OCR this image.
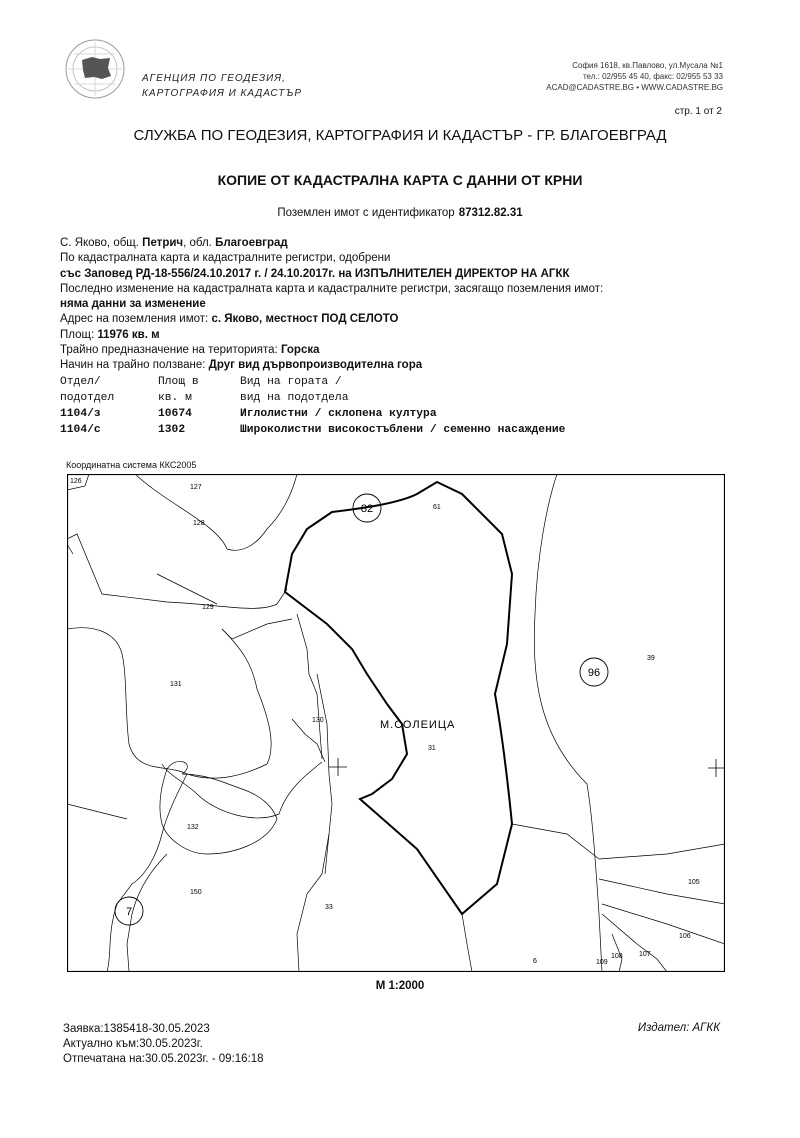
АГЕНЦИЯ ПО ГЕОДЕЗИЯ,
КАРТОГРАФИЯ И КАДАСТЪР
София 1618, кв.Павлово, ул.Мусала №1
тел.: 02/955 45 40, факс: 02/955 53 33
ACAD@CADASTRE.BG • WWW.CADASTRE.BG
стр. 1 от 2
СЛУЖБА ПО ГЕОДЕЗИЯ, КАРТОГРАФИЯ И КАДАСТЪР - ГР. БЛАГОЕВГРАД
КОПИЕ ОТ КАДАСТРАЛНА КАРТА С ДАННИ ОТ КРНИ
Поземлен имот с идентификатор 87312.82.31
С. Яково, общ. Петрич, обл. Благоевград
По кадастралната карта и кадастралните регистри, одобрени
със Заповед РД-18-556/24.10.2017 г. / 24.10.2017г. на ИЗПЪЛНИТЕЛЕН ДИРЕКТОР НА АГКК
Последно изменение на кадастралната карта и кадастралните регистри, засягащо поземления имот:
няма данни за изменение
Адрес на поземления имот: с. Яково, местност ПОД СЕЛОТО
Площ: 11976 кв. м
Трайно предназначение на територията: Горска
Начин на трайно ползване: Друг вид дървопроизводителна гора
Отдел/	Площ в	Вид на гората /
подотдел	кв. м	вид на подотдела
1104/з	10674	Иглолистни / склопена култура
1104/с	1302	Широколистни високостъблени / семенно насаждение
Координатна система ККС2005
82
96
7
М.СОЛЕИЦА
126
127
128
129
131
130
132
150
33
31
61
39
105
106
107
108
109
6
М 1:2000
Заявка:1385418-30.05.2023
Актуално към:30.05.2023г.
Отпечатана на:30.05.2023г. - 09:16:18
Издател: АГКК
